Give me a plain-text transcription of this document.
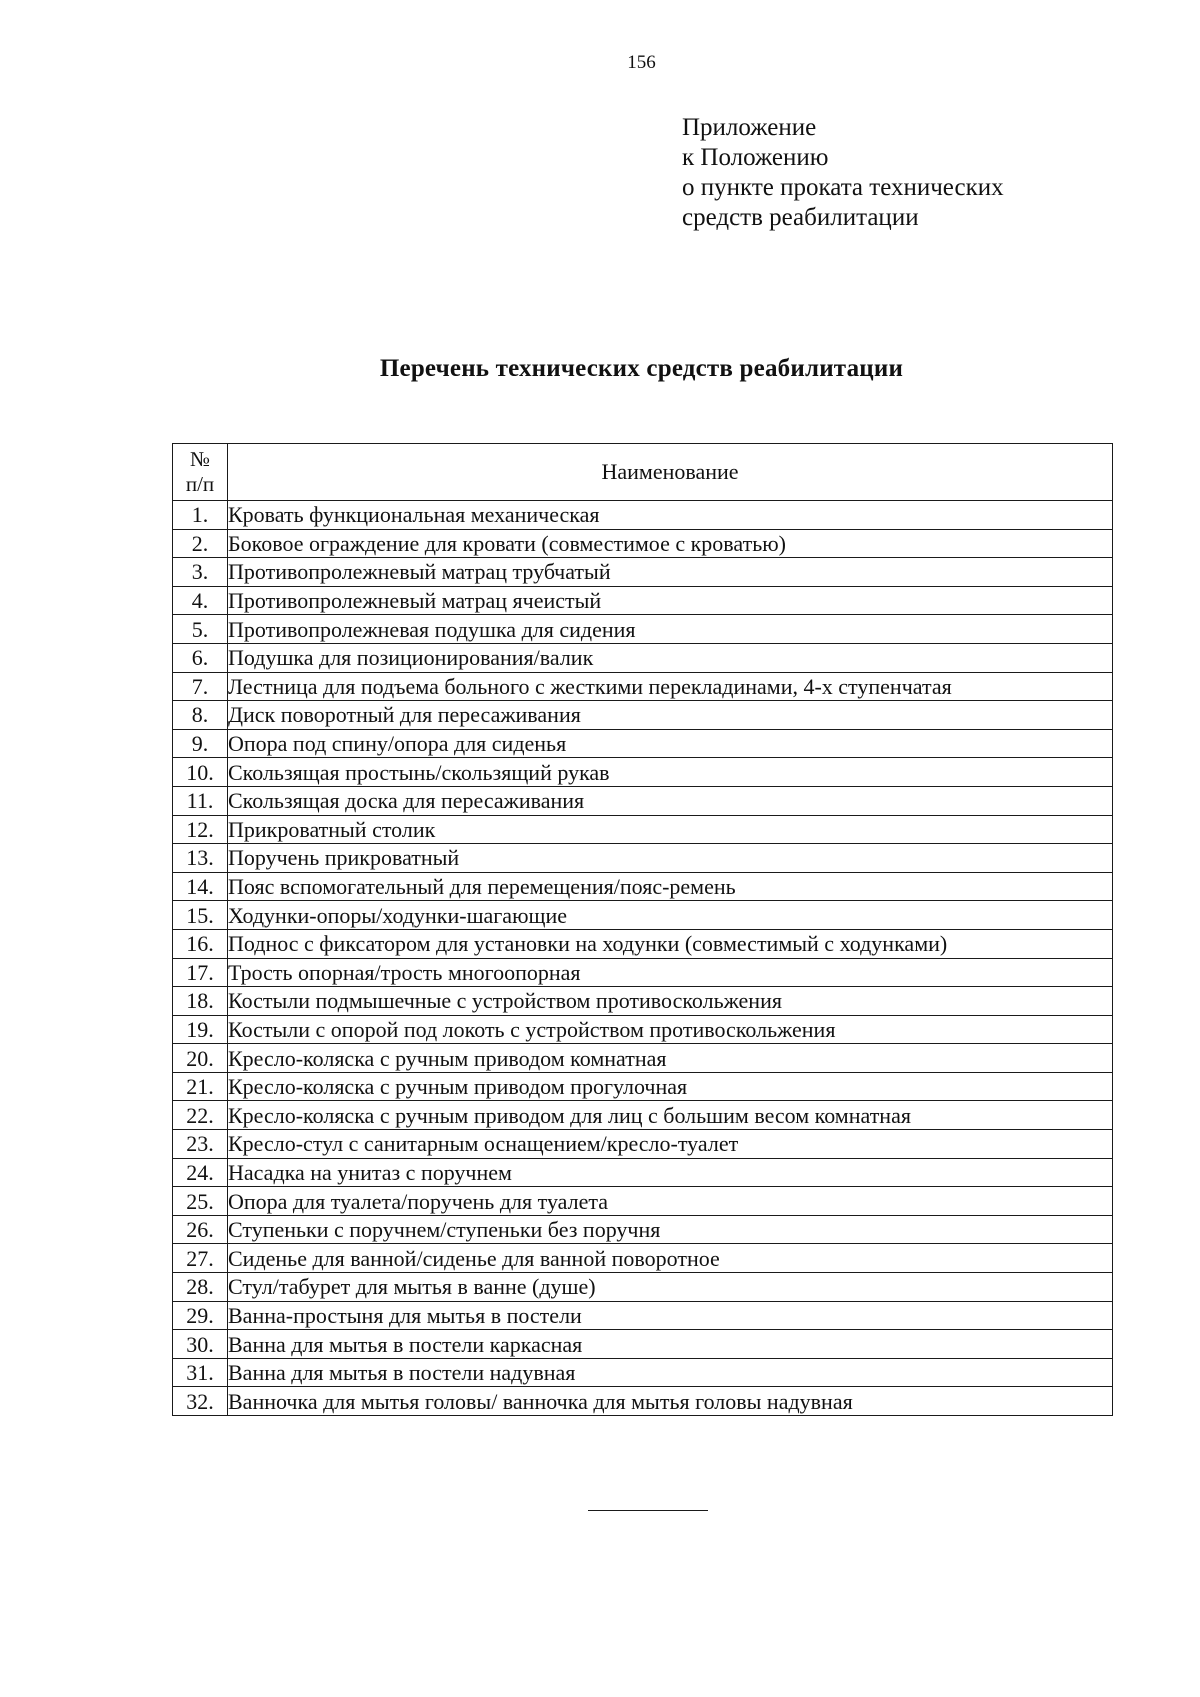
156
Приложение
к Положению
о пункте проката технических
средств реабилитации
Перечень технических средств реабилитации
№
п/п	Наименование
1.	Кровать функциональная механическая
2.	Боковое ограждение для кровати (совместимое с кроватью)
3.	Противопролежневый матрац трубчатый
4.	Противопролежневый матрац ячеистый
5.	Противопролежневая подушка для сидения
6.	Подушка для позиционирования/валик
7.	Лестница для подъема больного с жесткими перекладинами, 4-х ступенчатая
8.	Диск поворотный для пересаживания
9.	Опора под спину/опора для сиденья
10.	Скользящая простынь/скользящий рукав
11.	Скользящая доска для пересаживания
12.	Прикроватный столик
13.	Поручень прикроватный
14.	Пояс вспомогательный для перемещения/пояс-ремень
15.	Ходунки-опоры/ходунки-шагающие
16.	Поднос с фиксатором для установки на ходунки (совместимый с ходунками)
17.	Трость опорная/трость многоопорная
18.	Костыли подмышечные с устройством противоскольжения
19.	Костыли с опорой под локоть с устройством противоскольжения
20.	Кресло-коляска с ручным приводом комнатная
21.	Кресло-коляска с ручным приводом прогулочная
22.	Кресло-коляска с ручным приводом для лиц с большим весом комнатная
23.	Кресло-стул с санитарным оснащением/кресло-туалет
24.	Насадка на унитаз с поручнем
25.	Опора для туалета/поручень для туалета
26.	Ступеньки с поручнем/ступеньки без поручня
27.	Сиденье для ванной/сиденье для ванной поворотное
28.	Стул/табурет для мытья в ванне (душе)
29.	Ванна-простыня для мытья в постели
30.	Ванна для мытья в постели каркасная
31.	Ванна для мытья в постели надувная
32.	Ванночка для мытья головы/ ванночка для мытья головы надувная
